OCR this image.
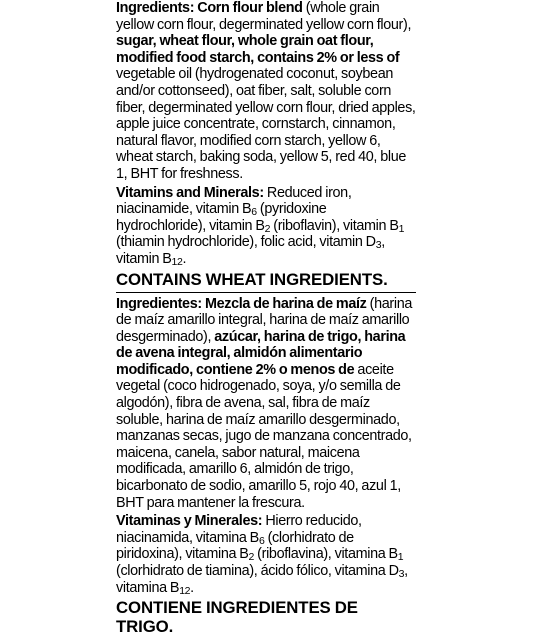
Ingredients: Corn flour blend (whole grain yellow corn flour, degerminated yellow corn flour), sugar, wheat flour, whole grain oat flour, modified food starch, contains 2% or less of vegetable oil (hydrogenated coconut, soybean and/or cottonseed), oat fiber, salt, soluble corn fiber, degerminated yellow corn flour, dried apples, apple juice concentrate, cornstarch, cinnamon, natural flavor, modified corn starch, yellow 6, wheat starch, baking soda, yellow 5, red 40, blue 1, BHT for freshness.

Vitamins and Minerals: Reduced iron, niacinamide, vitamin $B_6$ (pyridoxine hydrochloride), vitamin $B_2$ (riboflavin), vitamin $B_1$ (thiamin hydrochloride), folic acid, vitamin $D_3$, vitamin $B_{12}$.

CONTAINS WHEAT INGREDIENTS.

Ingredientes: Mezcla de harina de maíz (harina de maíz amarillo integral, harina de maíz amarillo desgerminado), azúcar, harina de trigo, harina de avena integral, almidón alimentario modificado, contiene 2% o menos de aceite vegetal (coco hidrogenado, soya, y/o semilla de algodón), fibra de avena, sal, fibra de maíz soluble, harina de maíz amarillo desgerminado, manzanas secas, jugo de manzana concentrado, maicena, canela, sabor natural, maicena modificada, amarillo 6, almidón de trigo, bicarbonato de sodio, amarillo 5, rojo 40, azul 1, BHT para mantener la frescura.

Vitaminas y Minerales: Hierro reducido, niacinamida, vitamina $B_6$ (clorhidrato de piridoxina), vitamina $B_2$ (riboflavina), vitamina $B_1$ (clorhidrato de tiamina), ácido fólico, vitamina $D_3$, vitamina $B_{12}$.

CONTIENE INGREDIENTES DE TRIGO.
